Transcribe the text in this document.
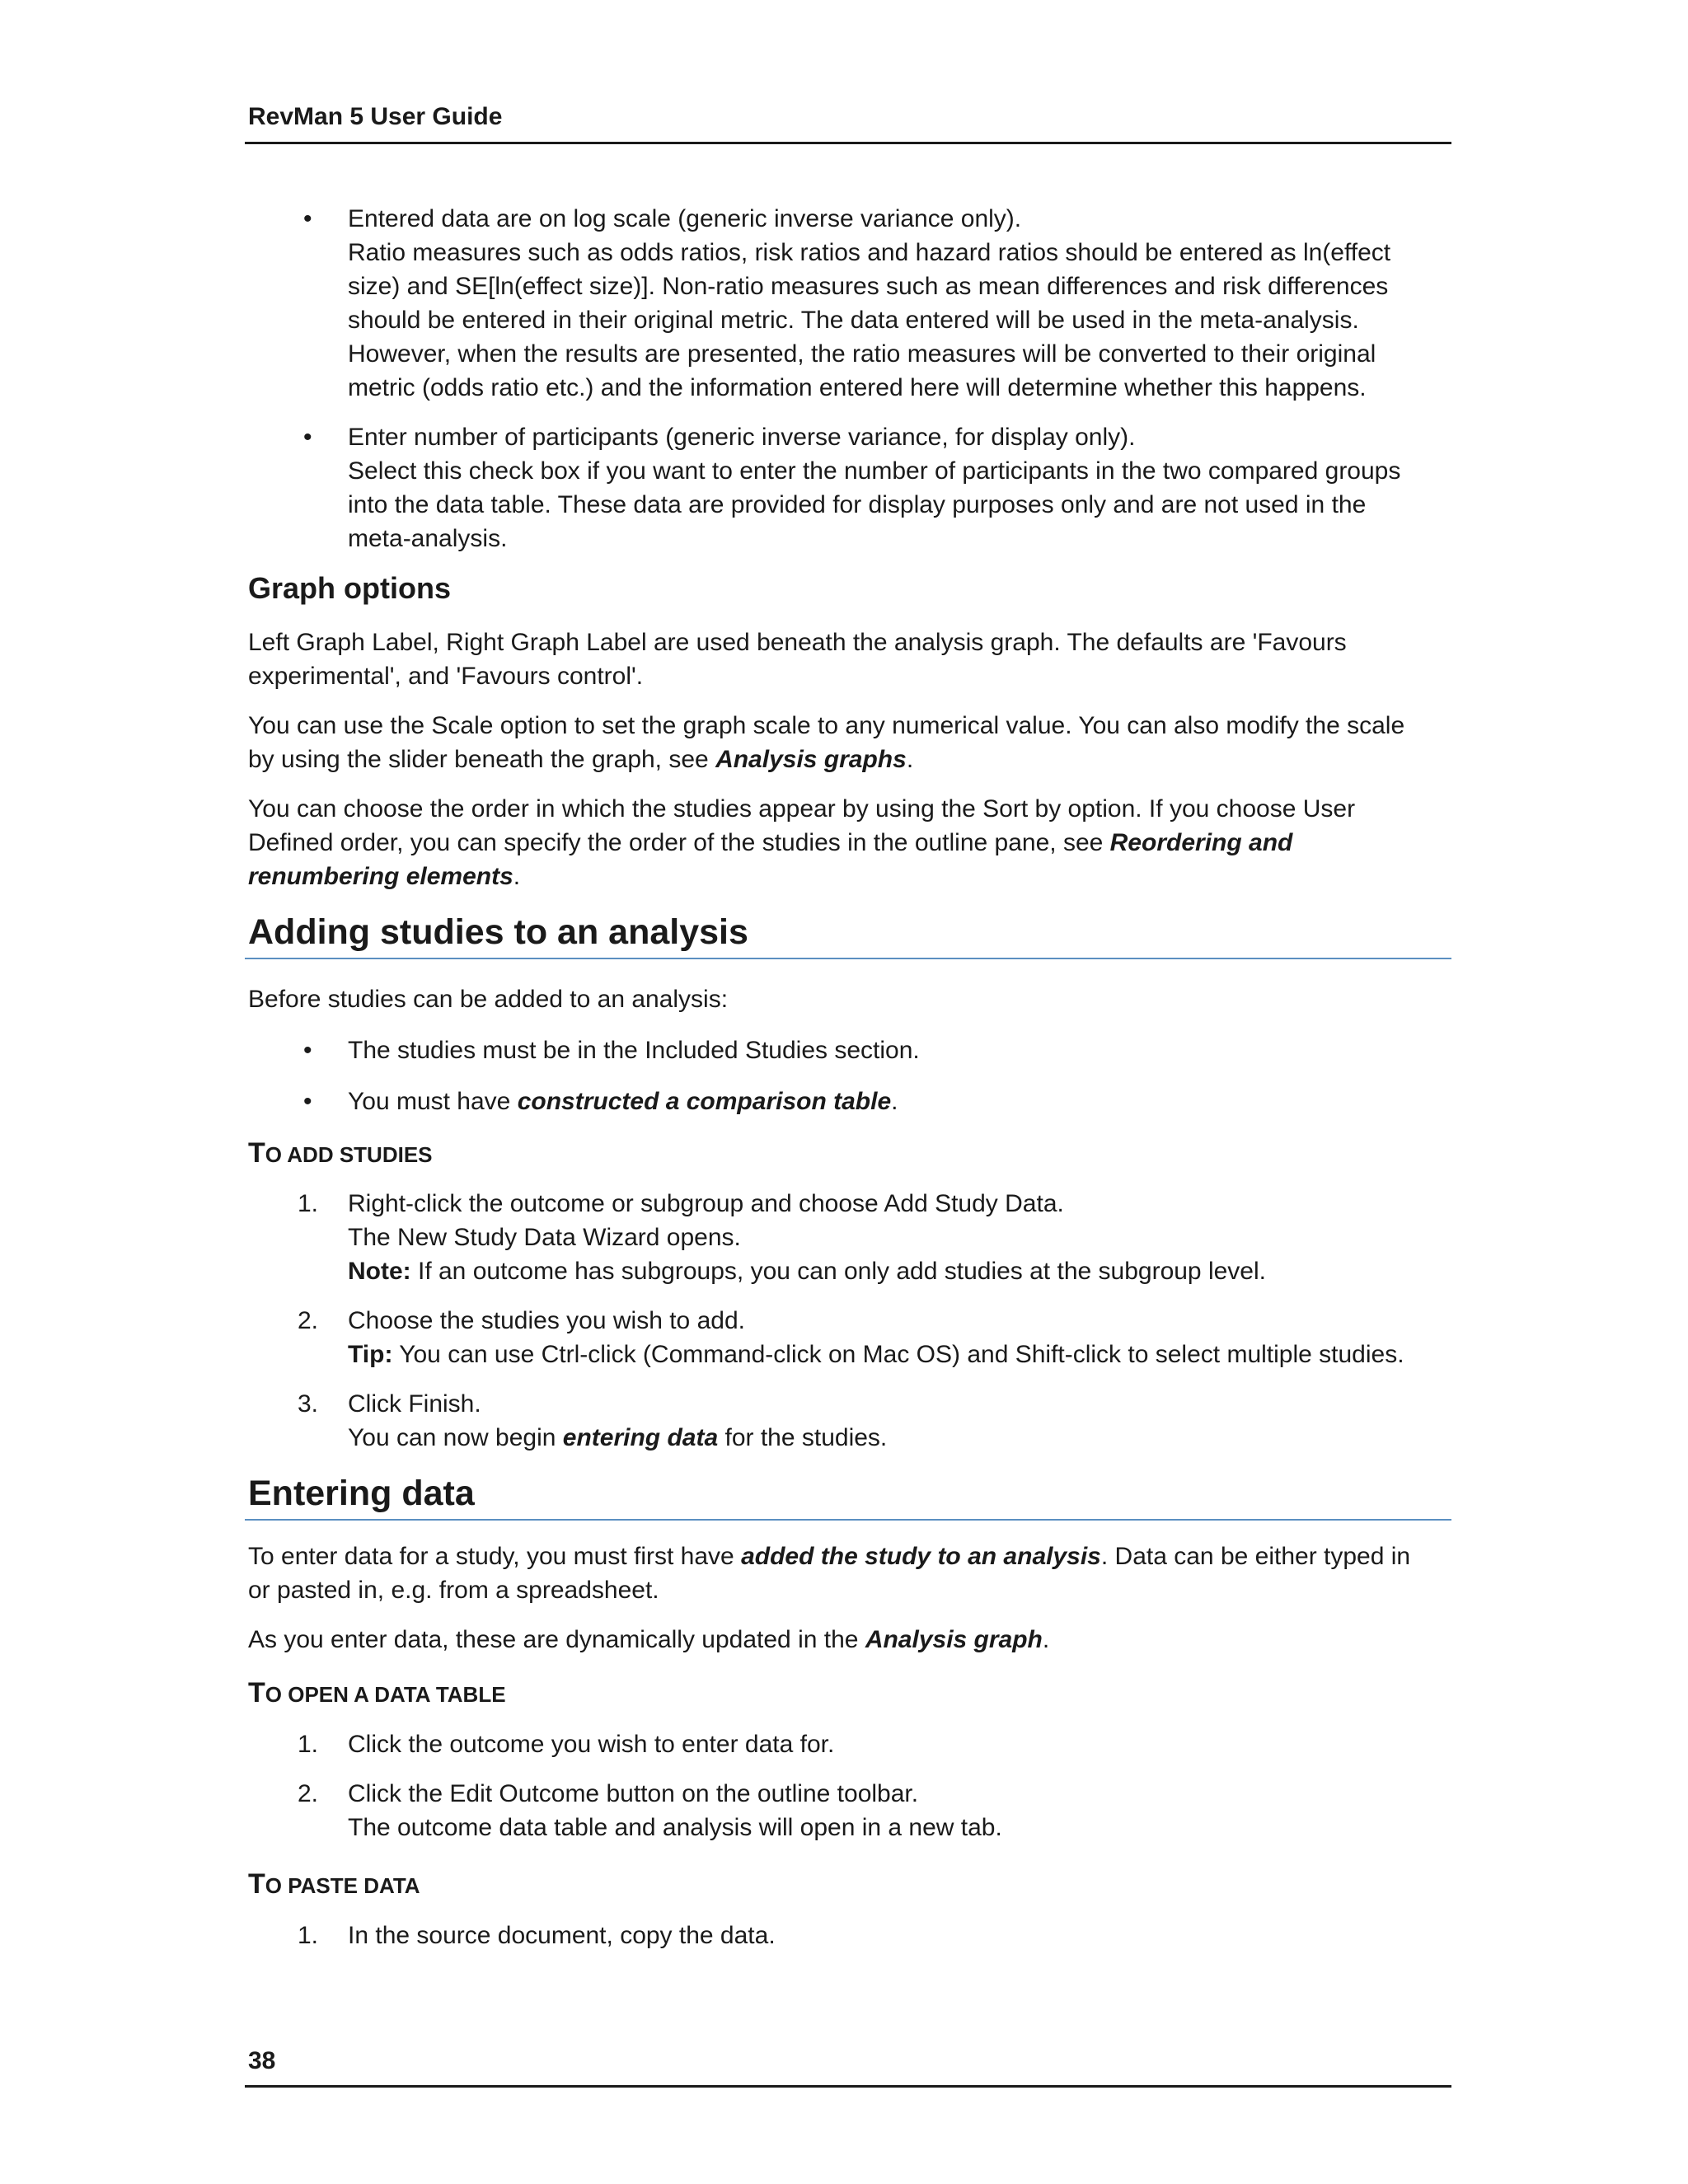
RevMan 5 User Guide
• Entered data are on log scale (generic inverse variance only).
Ratio measures such as odds ratios, risk ratios and hazard ratios should be entered as ln(effect
size) and SE[ln(effect size)]. Non-ratio measures such as mean differences and risk differences
should be entered in their original metric. The data entered will be used in the meta-analysis.
However, when the results are presented, the ratio measures will be converted to their original
metric (odds ratio etc.) and the information entered here will determine whether this happens.
• Enter number of participants (generic inverse variance, for display only).
Select this check box if you want to enter the number of participants in the two compared groups
into the data table. These data are provided for display purposes only and are not used in the
meta-analysis.
Graph options
Left Graph Label, Right Graph Label are used beneath the analysis graph. The defaults are 'Favours
experimental', and 'Favours control'.
You can use the Scale option to set the graph scale to any numerical value. You can also modify the scale
by using the slider beneath the graph, see Analysis graphs.
You can choose the order in which the studies appear by using the Sort by option. If you choose User
Defined order, you can specify the order of the studies in the outline pane, see Reordering and
renumbering elements.
Adding studies to an analysis
Before studies can be added to an analysis:
• The studies must be in the Included Studies section.
• You must have constructed a comparison table.
TO ADD STUDIES
1. Right-click the outcome or subgroup and choose Add Study Data.
The New Study Data Wizard opens.
Note: If an outcome has subgroups, you can only add studies at the subgroup level.
2. Choose the studies you wish to add.
Tip: You can use Ctrl-click (Command-click on Mac OS) and Shift-click to select multiple studies.
3. Click Finish.
You can now begin entering data for the studies.
Entering data
To enter data for a study, you must first have added the study to an analysis. Data can be either typed in
or pasted in, e.g. from a spreadsheet.
As you enter data, these are dynamically updated in the Analysis graph.
TO OPEN A DATA TABLE
1. Click the outcome you wish to enter data for.
2. Click the Edit Outcome button on the outline toolbar.
The outcome data table and analysis will open in a new tab.
TO PASTE DATA
1. In the source document, copy the data.
38
